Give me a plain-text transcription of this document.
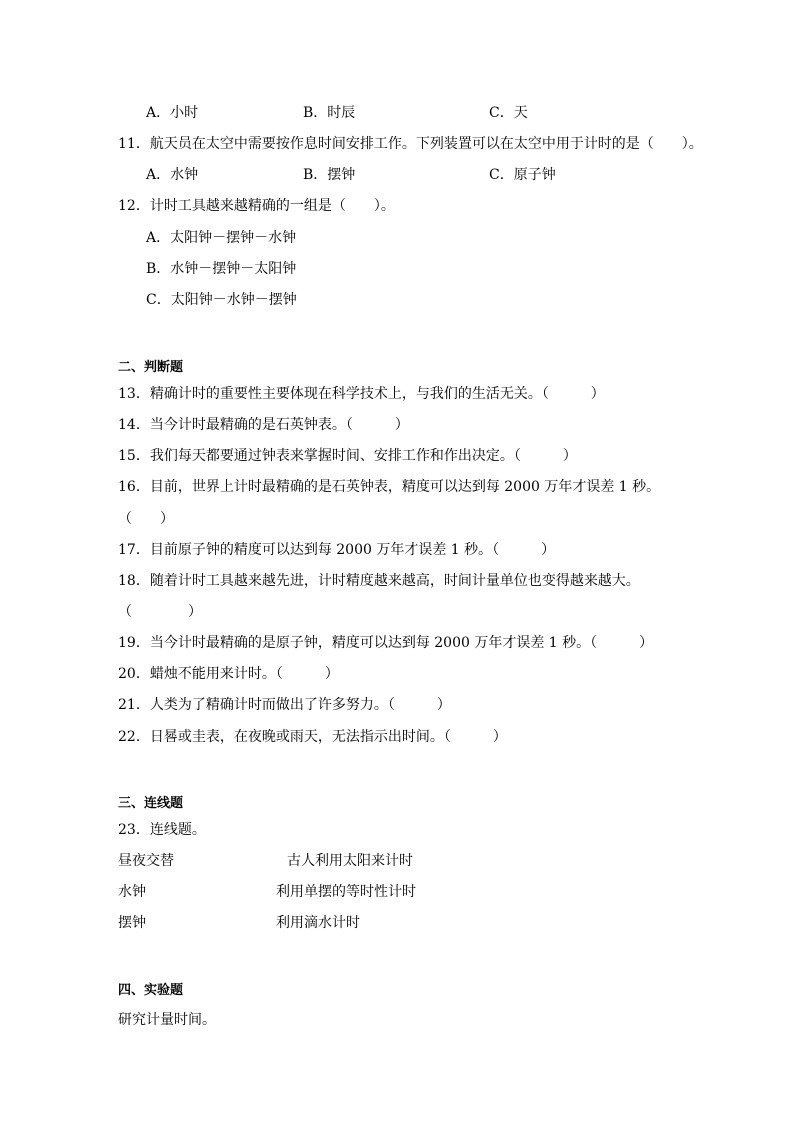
A．小时	B．时辰	C．天
11．航天员在太空中需要按作息时间安排工作。下列装置可以在太空中用于计时的是（　　）。
A．水钟	B．摆钟	C．原子钟
12．计时工具越来越精确的一组是（　　）。
A．太阳钟－摆钟－水钟
B．水钟－摆钟－太阳钟
C．太阳钟－水钟－摆钟
二、判断题
13．精确计时的重要性主要体现在科学技术上，与我们的生活无关。（　　　）
14．当今计时最精确的是石英钟表。（　　　）
15．我们每天都要通过钟表来掌握时间、安排工作和作出决定。（　　　）
16．目前，世界上计时最精确的是石英钟表，精度可以达到每 2000 万年才误差 1 秒。
（　　）
17．目前原子钟的精度可以达到每 2000 万年才误差 1 秒。（　　　）
18．随着计时工具越来越先进，计时精度越来越高，时间计量单位也变得越来越大。
（　　　　）
19．当今计时最精确的是原子钟，精度可以达到每 2000 万年才误差 1 秒。（　　　）
20．蜡烛不能用来计时。（　　　）
21．人类为了精确计时而做出了许多努力。（　　　）
22．日晷或圭表，在夜晚或雨天，无法指示出时间。（　　　）
三、连线题
23．连线题。
昼夜交替	古人利用太阳来计时
水钟	利用单摆的等时性计时
摆钟	利用滴水计时
四、实验题
研究计量时间。
